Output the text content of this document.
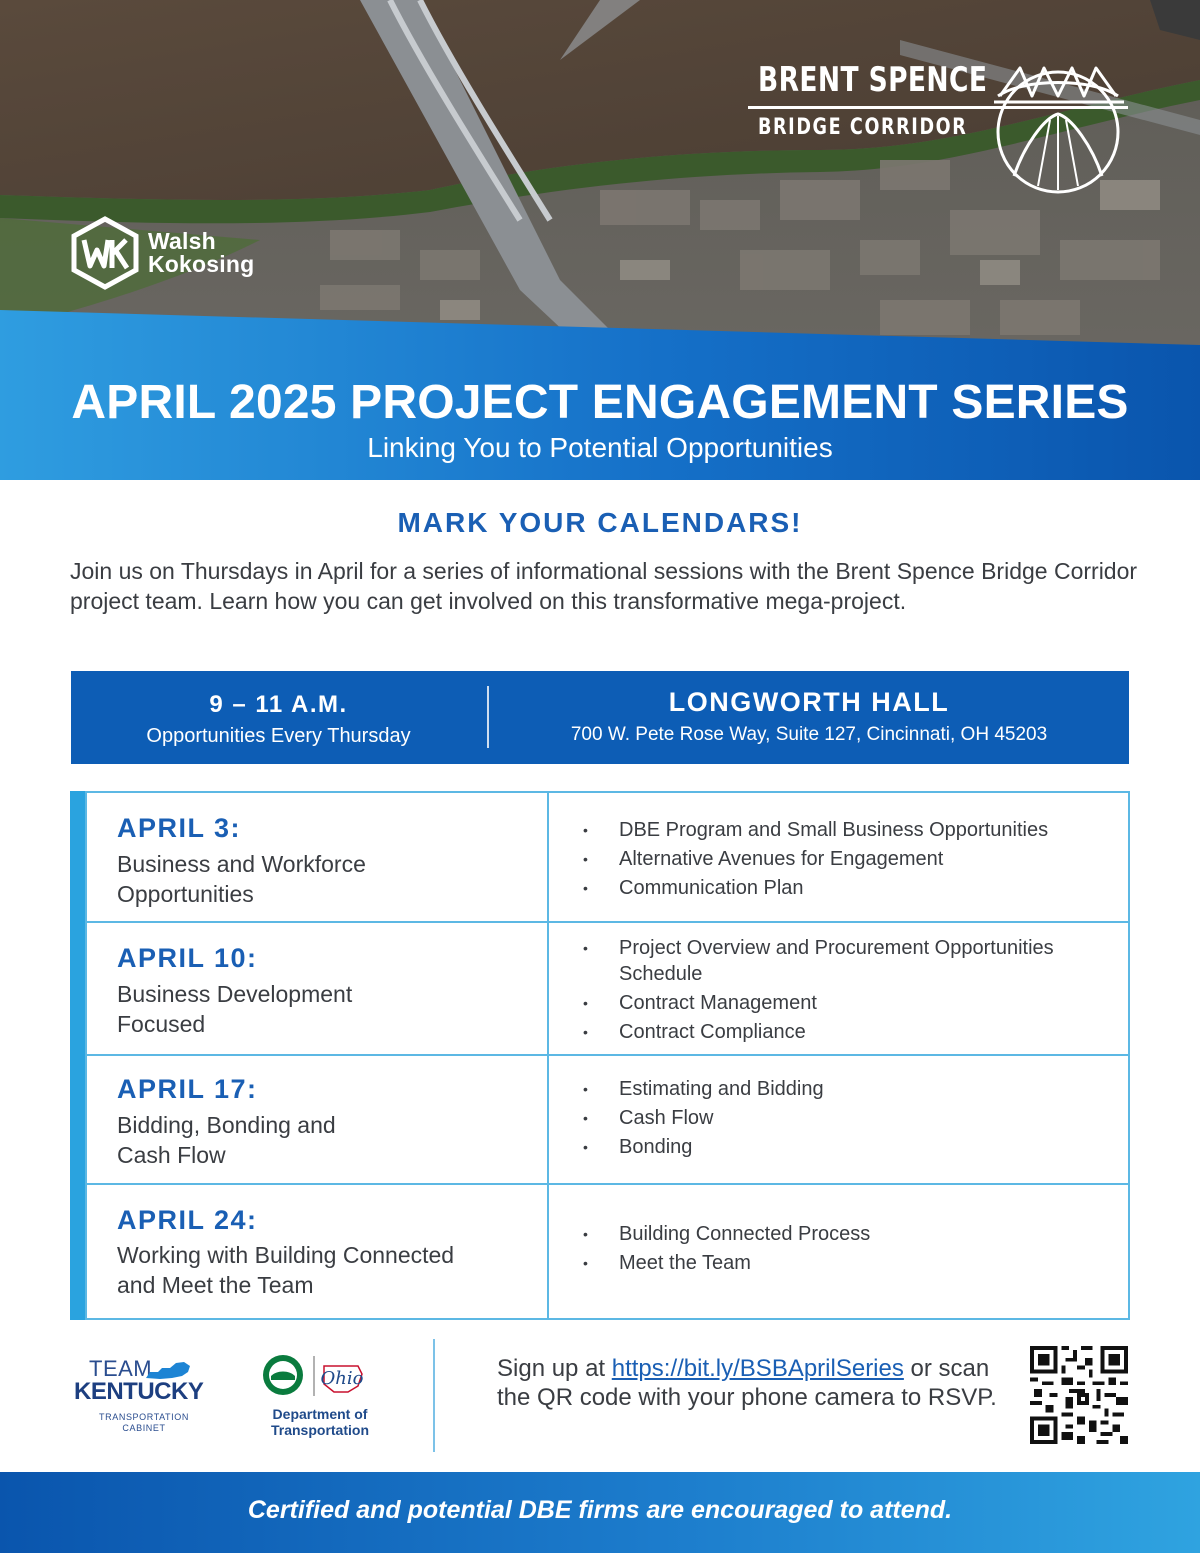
Walsh
Kokosing
BRENT SPENCE
BRIDGE CORRIDOR
APRIL 2025 PROJECT ENGAGEMENT SERIES
Linking You to Potential Opportunities
MARK YOUR CALENDARS!

Join us on Thursdays in April for a series of informational sessions with the Brent Spence Bridge Corridor project team. Learn how you can get involved on this transformative mega-project.

9 – 11 A.M.
Opportunities Every Thursday
LONGWORTH HALL
700 W. Pete Rose Way, Suite 127, Cincinnati, OH 45203
APRIL 3:
Business and Workforce
Opportunities
• DBE Program and Small Business Opportunities
• Alternative Avenues for Engagement
• Communication Plan
APRIL 10:
Business Development
Focused
• Project Overview and Procurement Opportunities Schedule
• Contract Management
• Contract Compliance
APRIL 17:
Bidding, Bonding and
Cash Flow
• Estimating and Bidding
• Cash Flow
• Bonding
APRIL 24:
Working with Building Connected
and Meet the Team
• Building Connected Process
• Meet the Team
TEAM
KENTUCKY
TRANSPORTATION
CABINET
Ohio
Department of
Transportation
Sign up at https://bit.ly/BSBAprilSeries or scan the QR code with your phone camera to RSVP.
Certified and potential DBE firms are encouraged to attend.
